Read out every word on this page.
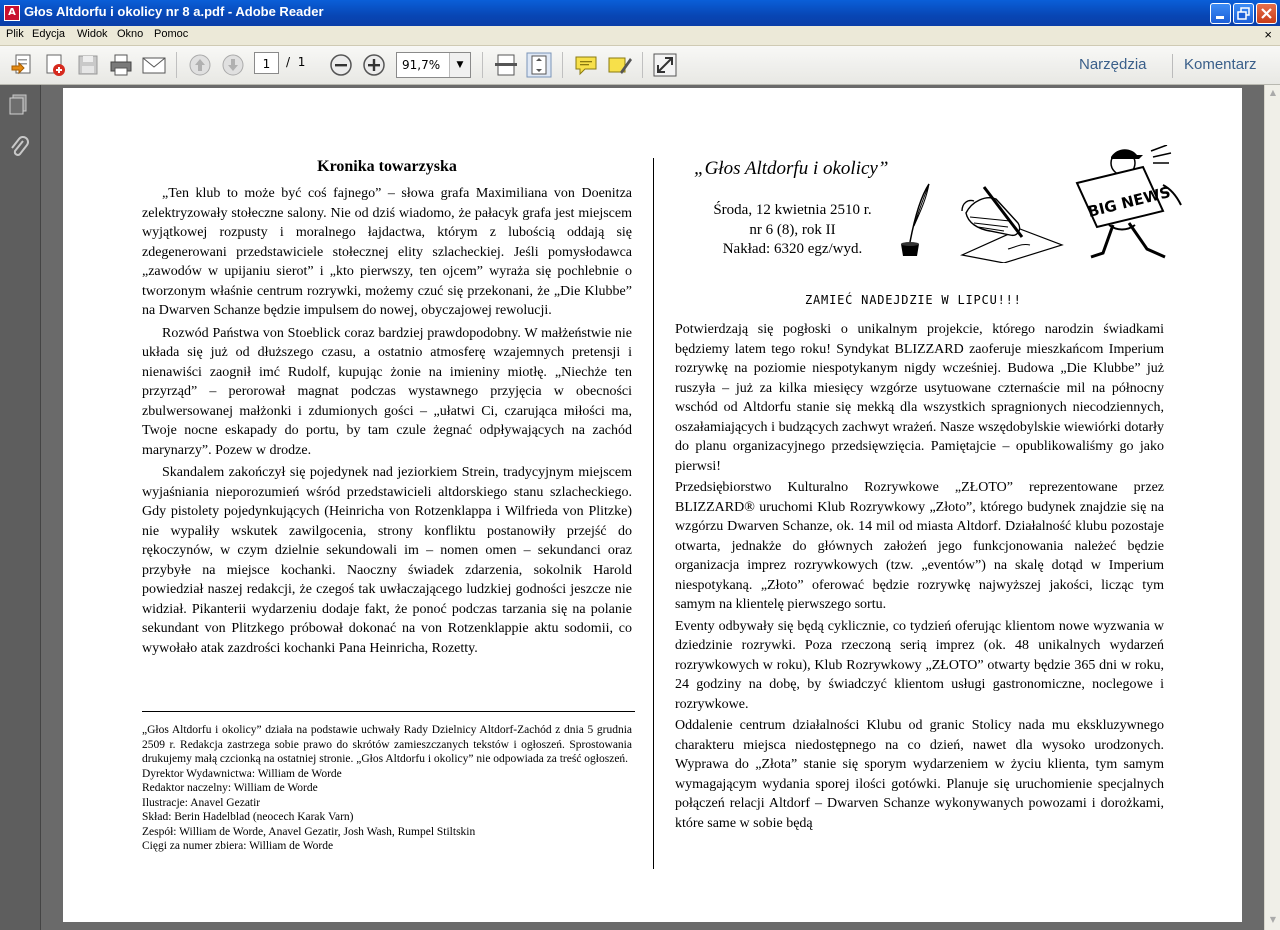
A Głos Altdorfu i okolicy nr 8 a.pdf - Adobe Reader
Plik Edycja Widok Okno Pomoc	×
1	/ 1	91,7%	▼	Narzędzia Komentarz
▲
▼
Kronika towarzyska

„Ten klub to może być coś fajnego” – słowa grafa Maximiliana von Doenitza zelektryzowały stołeczne salony. Nie od dziś wiadomo, że pałacyk grafa jest miejscem wyjątkowej rozpusty i moralnego łajdactwa, którym z lubością oddają się zdegenerowani przedstawiciele stołecznej elity szlacheckiej. Jeśli pomysłodawca „zawodów w upijaniu sierot” i „kto pierwszy, ten ojcem” wyraża się pochlebnie o tworzonym właśnie centrum rozrywki, możemy czuć się przekonani, że „Die Klubbe” na Dwarven Schanze będzie impulsem do nowej, obyczajowej rewolucji.

Rozwód Państwa von Stoeblick coraz bardziej prawdopodobny. W małżeństwie nie układa się już od dłuższego czasu, a ostatnio atmosferę wzajemnych pretensji i nienawiści zaognił imć Rudolf, kupując żonie na imieniny miotłę. „Niechże ten przyrząd” – perorował magnat podczas wystawnego przyjęcia w obecności zbulwersowanej małżonki i zdumionych gości – „ułatwi Ci, czarująca miłości ma, Twoje nocne eskapady do portu, by tam czule żegnać odpływających na zachód marynarzy”. Pozew w drodze.

Skandalem zakończył się pojedynek nad jeziorkiem Strein, tradycyjnym miejscem wyjaśniania nieporozumień wśród przedstawicieli altdorskiego stanu szlacheckiego. Gdy pistolety pojedynkujących (Heinricha von Rotzenklappa i Wilfrieda von Plitzke) nie wypaliły wskutek zawilgocenia, strony konfliktu postanowiły przejść do rękoczynów, w czym dzielnie sekundowali im – nomen omen – sekundanci oraz przybyłe na miejsce kochanki. Naoczny świadek zdarzenia, sokolnik Harold powiedział naszej redakcji, że czegoś tak uwłaczającego ludzkiej godności jeszcze nie widział. Pikanterii wydarzeniu dodaje fakt, że ponoć podczas tarzania się na polanie sekundant von Plitzkego próbował dokonać na von Rotzenklappie aktu sodomii, co wywołało atak zazdrości kochanki Pana Heinricha, Rozetty.

„Głos Altdorfu i okolicy” działa na podstawie uchwały Rady Dzielnicy Altdorf-Zachód z dnia 5 grudnia 2509 r. Redakcja zastrzega sobie prawo do skrótów zamieszczanych tekstów i ogłoszeń. Sprostowania drukujemy małą czcionką na ostatniej stronie. „Głos Altdorfu i okolicy” nie odpowiada za treść ogłoszeń.
Dyrektor Wydawnictwa: William de Worde
Redaktor naczelny: William de Worde
Ilustracje: Anavel Gezatir
Skład: Berin Hadelblad (neocech Karak Varn)
Zespół: William de Worde, Anavel Gezatir, Josh Wash, Rumpel Stiltskin
Cięgi za numer zbiera: William de Worde
„Głos Altdorfu i okolicy”
Środa, 12 kwietnia 2510 r.
nr 6 (8), rok II
Nakład: 6320 egz/wyd.
BIG NEWS
ZAMIEĆ NADEJDZIE W LIPCU!!!

Potwierdzają się pogłoski o unikalnym projekcie, którego narodzin świadkami będziemy latem tego roku! Syndykat BLIZZARD zaoferuje mieszkańcom Imperium rozrywkę na poziomie niespotykanym nigdy wcześniej. Budowa „Die Klubbe” już ruszyła – już za kilka miesięcy wzgórze usytuowane czternaście mil na północny wschód od Altdorfu stanie się mekką dla wszystkich spragnionych niecodziennych, oszałamiających i budzących zachwyt wrażeń. Nasze wszędobylskie wiewiórki dotarły do planu organizacyjnego przedsięwzięcia. Pamiętajcie – opublikowaliśmy go jako pierwsi!

Przedsiębiorstwo Kulturalno Rozrywkowe „ZŁOTO” reprezentowane przez BLIZZARD® uruchomi Klub Rozrywkowy „Złoto”, którego budynek znajdzie się na wzgórzu Dwarven Schanze, ok. 14 mil od miasta Altdorf. Działalność klubu pozostaje otwarta, jednakże do głównych założeń jego funkcjonowania należeć będzie organizacja imprez rozrywkowych (tzw. „eventów”) na skalę dotąd w Imperium niespotykaną. „Złoto” oferować będzie rozrywkę najwyższej jakości, licząc tym samym na klientelę pierwszego sortu.

Eventy odbywały się będą cyklicznie, co tydzień oferując klientom nowe wyzwania w dziedzinie rozrywki. Poza rzeczoną serią imprez (ok. 48 unikalnych wydarzeń rozrywkowych w roku), Klub Rozrywkowy „ZŁOTO” otwarty będzie 365 dni w roku, 24 godziny na dobę, by świadczyć klientom usługi gastronomiczne, noclegowe i rozrywkowe.

Oddalenie centrum działalności Klubu od granic Stolicy nada mu ekskluzywnego charakteru miejsca niedostępnego na co dzień, nawet dla wysoko urodzonych. Wyprawa do „Złota” stanie się sporym wydarzeniem w życiu klienta, tym samym wymagającym wydania sporej ilości gotówki. Planuje się uruchomienie specjalnych połączeń relacji Altdorf – Dwarven Schanze wykonywanych powozami i dorożkami, które same w sobie będą
